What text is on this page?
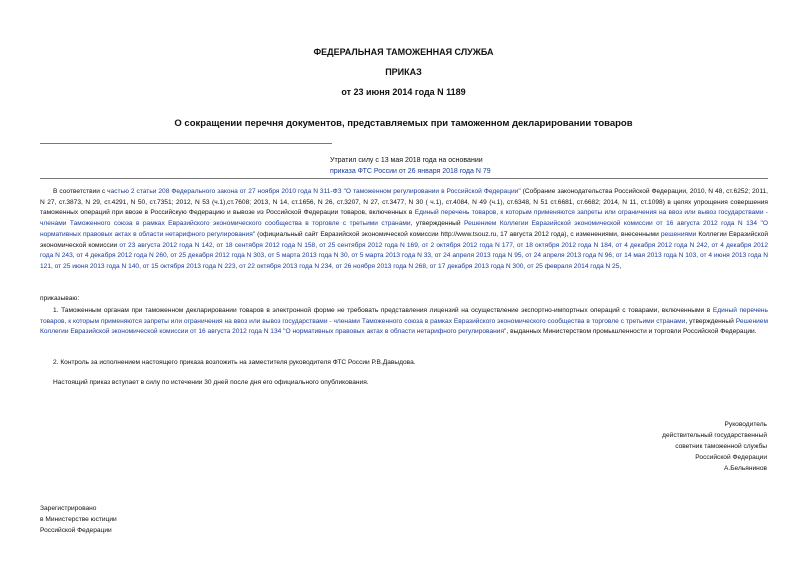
ФЕДЕРАЛЬНАЯ ТАМОЖЕННАЯ СЛУЖБА
ПРИКАЗ
от 23 июня 2014 года N 1189
О сокращении перечня документов, представляемых при таможенном декларировании товаров
Утратил силу с 13 мая 2018 года на основании
приказа ФТС России от 26 января 2018 года N 79
В соответствии с частью 2 статьи 208 Федерального закона от 27 ноября 2010 года N 311-ФЗ "О таможенном регулировании в Российской Федерации" (Собрание законодательства Российской Федерации, 2010, N 48, ст.6252; 2011, N 27, ст.3873, N 29, ст.4291, N 50, ст.7351; 2012, N 53 (ч.1),ст.7608; 2013, N 14, ст.1656, N 26, ст.3207, N 27, ст.3477, N 30 ( ч.1), ст.4084, N 49 (ч.1), ст.6348, N 51 ст.6681, ст.6682; 2014, N 11, ст.1098) в целях упрощения совершения таможенных операций при ввозе в Российскую Федерацию и вывозе из Российской Федерации товаров, включенных в Единый перечень товаров, к которым применяются запреты или ограничения на ввоз или вывоз государствами - членами Таможенного союза в рамках Евразийского экономического сообщества в торговле с третьими странами, утвержденный Решением Коллегии Евразийской экономической комиссии от 16 августа 2012 года N 134 "О нормативных правовых актах в области нетарифного регулирования" (официальный сайт Евразийской экономической комиссии http://www.tsouz.ru, 17 августа 2012 года), с изменениями, внесенными решениями Коллегии Евразийской экономической комиссии от 23 августа 2012 года N 142, от 18 сентября 2012 года N 158, от 25 сентября 2012 года N 169, от 2 октября 2012 года N 177, от 18 октября 2012 года N 184, от 4 декабря 2012 года N 242, от 4 декабря 2012 года N 243, от 4 декабря 2012 года N 260, от 25 декабря 2012 года N 303, от 5 марта 2013 года N 30, от 5 марта 2013 года N 33, от 24 апреля 2013 года N 95, от 24 апреля 2013 года N 96, от 14 мая 2013 года N 103, от 4 июня 2013 года N 121, от 25 июня 2013 года N 140, от 15 октября 2013 года N 223, от 22 октября 2013 года N 234, от 26 ноября 2013 года N 268, от 17 декабря 2013 года N 300, от 25 февраля 2014 года N 25,
приказываю:
1. Таможенным органам при таможенном декларировании товаров в электронной форме не требовать представления лицензий на осуществление экспортно-импортных операций с товарами, включенными в Единый перечень товаров, к которым применяются запреты или ограничения на ввоз или вывоз государствами - членами Таможенного союза в рамках Евразийского экономического сообщества в торговле с третьими странами, утвержденный Решением Коллегии Евразийской экономической комиссии от 16 августа 2012 года N 134 "О нормативных правовых актах в области нетарифного регулирования", выданных Министерством промышленности и торговли Российской Федерации.
2. Контроль за исполнением настоящего приказа возложить на заместителя руководителя ФТС России Р.В.Давыдова.
Настоящий приказ вступает в силу по истечении 30 дней после дня его официального опубликования.
Руководитель
действительный государственный
советник таможенной службы
Российской Федерации
А.Бельянинов
Зарегистрировано
в Министерстве юстиции
Российской Федерации
